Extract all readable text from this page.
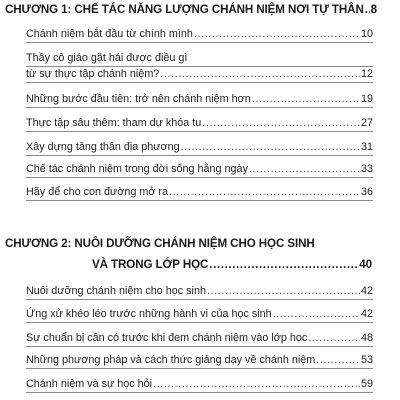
CHƯƠNG 1: CHẾ TÁC NĂNG LƯỢNG CHÁNH NIỆM NƠI TỰ THÂN ..... 8
Chánh niệm bắt đầu từ chính mình .....	10
Thầy cô giáo gặt hái được điều gì
từ sự thực tập chánh niệm? .....	12
Những bước đầu tiên: trở nên chánh niệm hơn .....	19
Thực tập sâu thêm: tham dự khóa tu .....	27
Xây dựng tăng thân địa phương .....	31
Chế tác chánh niệm trong đời sống hằng ngày .....	33
Hãy để cho con đường mở ra .....	36
CHƯƠNG 2: NUÔI DƯỠNG CHÁNH NIỆM CHO HỌC SINH
VÀ TRONG LỚP HỌC .....	40
Nuôi dưỡng chánh niệm cho học sinh .....	42
Ứng xử khéo léo trước những hành vi của học sinh .....	42
Sự chuẩn bị cần có trước khi đem chánh niệm vào lớp học .....	48
Những phương pháp và cách thức giảng dạy về chánh niệm .....	53
Chánh niệm và sự học hỏi .....	59
